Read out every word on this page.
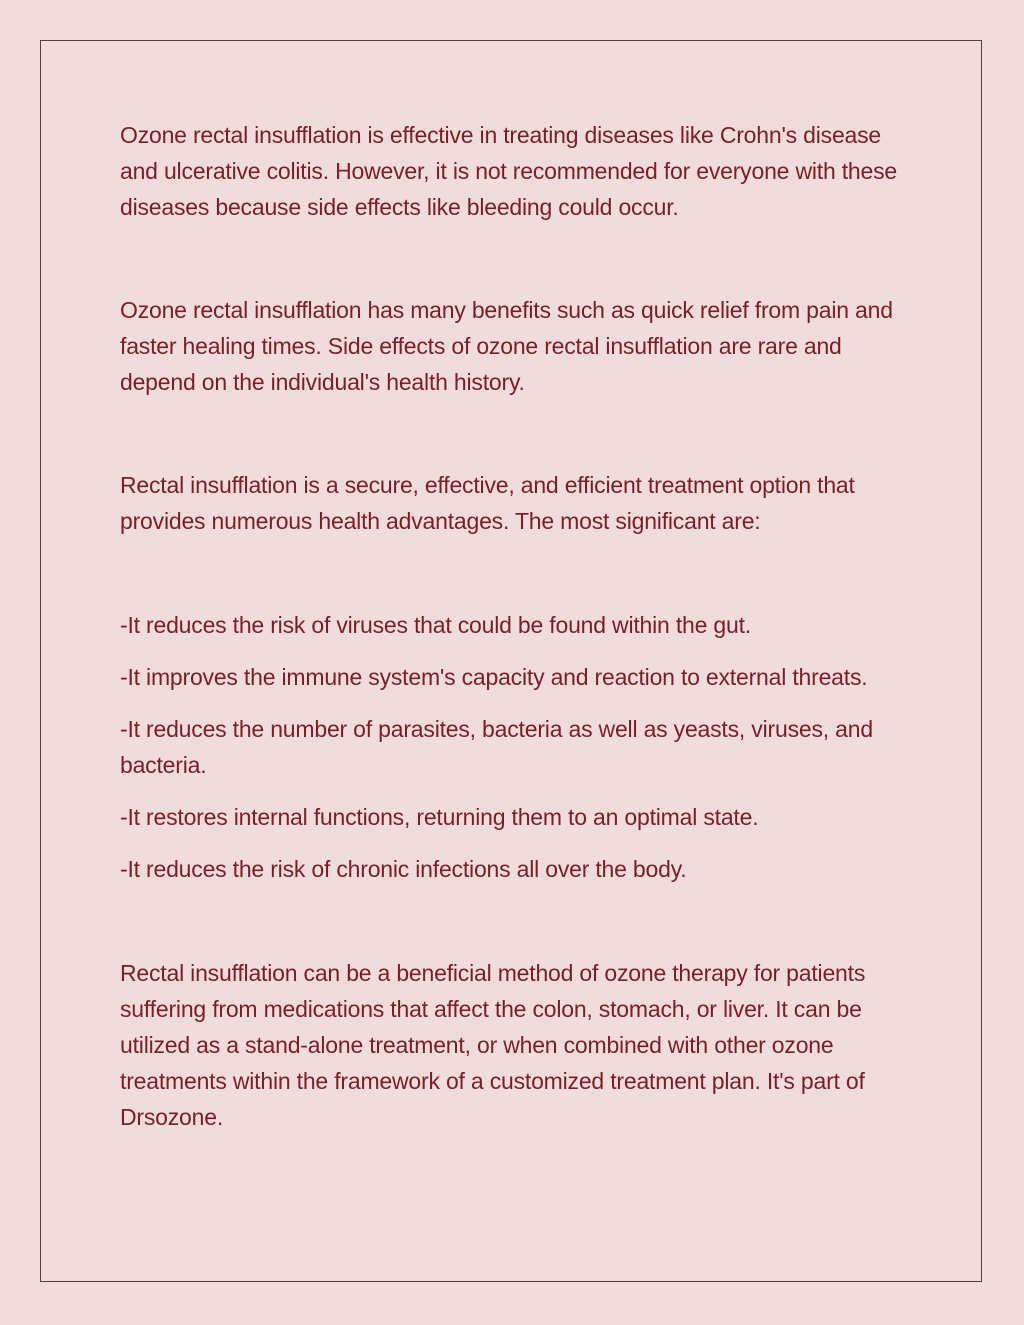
Ozone rectal insufflation is effective in treating diseases like Crohn's disease and ulcerative colitis. However, it is not recommended for everyone with these diseases because side effects like bleeding could occur.

Ozone rectal insufflation has many benefits such as quick relief from pain and faster healing times. Side effects of ozone rectal insufflation are rare and depend on the individual's health history.

Rectal insufflation is a secure, effective, and efficient treatment option that provides numerous health advantages. The most significant are:

-It reduces the risk of viruses that could be found within the gut.

-It improves the immune system's capacity and reaction to external threats.

-It reduces the number of parasites, bacteria as well as yeasts, viruses, and bacteria.

-It restores internal functions, returning them to an optimal state.

-It reduces the risk of chronic infections all over the body.

Rectal insufflation can be a beneficial method of ozone therapy for patients suffering from medications that affect the colon, stomach, or liver. It can be utilized as a stand-alone treatment, or when combined with other ozone treatments within the framework of a customized treatment plan. It's part of Drsozone.
